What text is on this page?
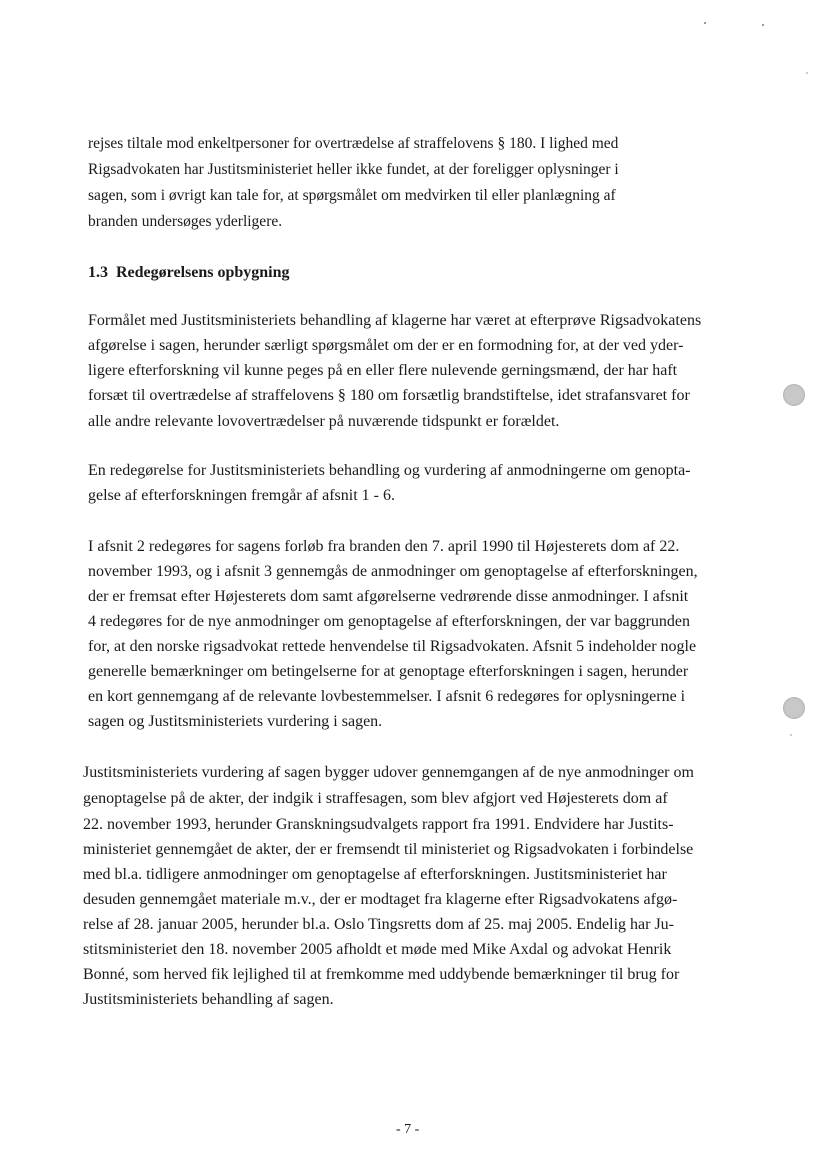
rejses tiltale mod enkeltpersoner for overtrædelse af straffelovens § 180. I lighed med
Rigsadvokaten har Justitsministeriet heller ikke fundet, at der foreligger oplysninger i
sagen, som i øvrigt kan tale for, at spørgsmålet om medvirken til eller planlægning af
branden undersøges yderligere.
1.3  Redegørelsens opbygning
Formålet med Justitsministeriets behandling af klagerne har været at efterprøve Rigsadvokatens
afgørelse i sagen, herunder særligt spørgsmålet om der er en formodning for, at der ved yder-
ligere efterforskning vil kunne peges på en eller flere nulevende gerningsmænd, der har haft
forsæt til overtrædelse af straffelovens § 180 om forsætlig brandstiftelse, idet strafansvaret for
alle andre relevante lovovertrædelser på nuværende tidspunkt er forældet.
En redegørelse for Justitsministeriets behandling og vurdering af anmodningerne om genopta-
gelse af efterforskningen fremgår af afsnit 1 - 6.
I afsnit 2 redegøres for sagens forløb fra branden den 7. april 1990 til Højesterets dom af 22.
november 1993, og i afsnit 3 gennemgås de anmodninger om genoptagelse af efterforskningen,
der er fremsat efter Højesterets dom samt afgørelserne vedrørende disse anmodninger. I afsnit
4 redegøres for de nye anmodninger om genoptagelse af efterforskningen, der var baggrunden
for, at den norske rigsadvokat rettede henvendelse til Rigsadvokaten. Afsnit 5 indeholder nogle
generelle bemærkninger om betingelserne for at genoptage efterforskningen i sagen, herunder
en kort gennemgang af de relevante lovbestemmelser. I afsnit 6 redegøres for oplysningerne i
sagen og Justitsministeriets vurdering i sagen.
Justitsministeriets vurdering af sagen bygger udover gennemgangen af de nye anmodninger om
genoptagelse på de akter, der indgik i straffesagen, som blev afgjort ved Højesterets dom af
22. november 1993, herunder Granskningsudvalgets rapport fra 1991. Endvidere har Justits-
ministeriet gennemgået de akter, der er fremsendt til ministeriet og Rigsadvokaten i forbindelse
med bl.a. tidligere anmodninger om genoptagelse af efterforskningen. Justitsministeriet har
desuden gennemgået materiale m.v., der er modtaget fra klagerne efter Rigsadvokatens afgø-
relse af 28. januar 2005, herunder bl.a. Oslo Tingsretts dom af 25. maj 2005. Endelig har Ju-
stitsministeriet den 18. november 2005 afholdt et møde med Mike Axdal og advokat Henrik
Bonné, som herved fik lejlighed til at fremkomme med uddybende bemærkninger til brug for
Justitsministeriets behandling af sagen.
- 7 -
